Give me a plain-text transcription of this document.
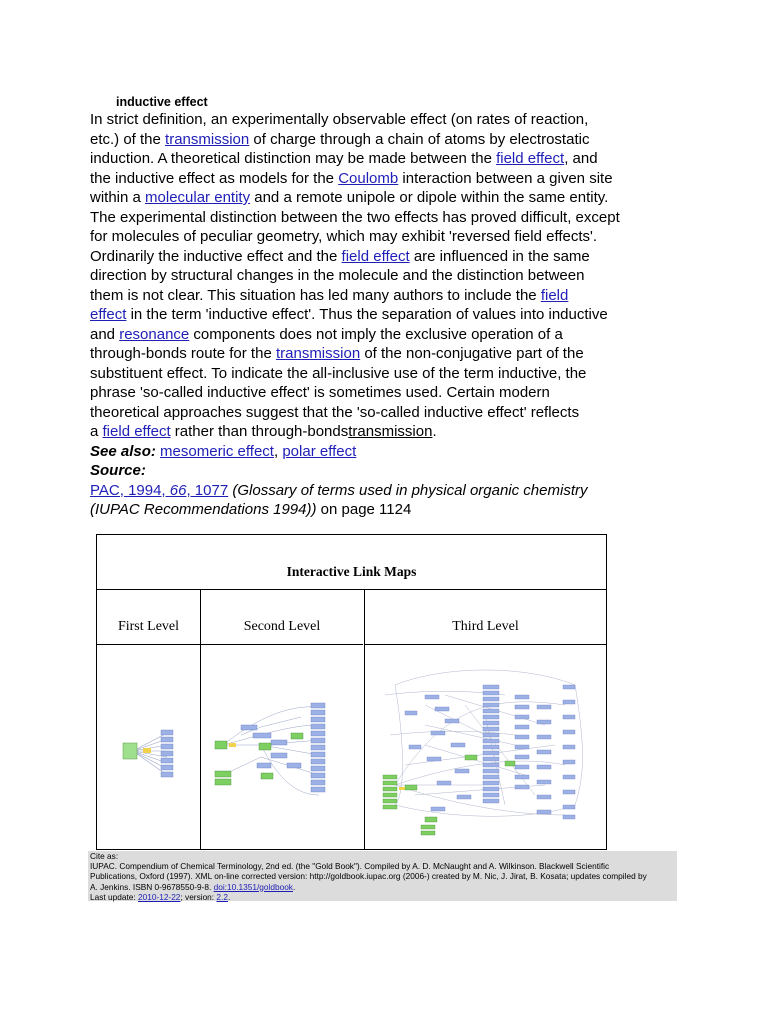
inductive effect
In strict definition, an experimentally observable effect (on rates of reaction,
etc.) of the transmission of charge through a chain of atoms by electrostatic
induction. A theoretical distinction may be made between the field effect, and
the inductive effect as models for the Coulomb interaction between a given site
within a molecular entity and a remote unipole or dipole within the same entity.
The experimental distinction between the two effects has proved difficult, except
for molecules of peculiar geometry, which may exhibit 'reversed field effects'.
Ordinarily the inductive effect and the field effect are influenced in the same
direction by structural changes in the molecule and the distinction between
them is not clear. This situation has led many authors to include the field
effect in the term 'inductive effect'. Thus the separation of values into inductive
and resonance components does not imply the exclusive operation of a
through-bonds route for the transmission of the non-conjugative part of the
substituent effect. To indicate the all-inclusive use of the term inductive, the
phrase 'so-called inductive effect' is sometimes used. Certain modern
theoretical approaches suggest that the 'so-called inductive effect' reflects
a field effect rather than through-bondstransmission.
See also: mesomeric effect, polar effect
Source:
PAC, 1994, 66, 1077 (Glossary of terms used in physical organic chemistry
(IUPAC Recommendations 1994)) on page 1124
Interactive Link Maps
First Level	Second Level	Third Level
Cite as:
IUPAC. Compendium of Chemical Terminology, 2nd ed. (the "Gold Book"). Compiled by A. D. McNaught and A. Wilkinson. Blackwell Scientific
Publications, Oxford (1997). XML on-line corrected version: http://goldbook.iupac.org (2006-) created by M. Nic, J. Jirat, B. Kosata; updates compiled by
A. Jenkins. ISBN 0-9678550-9-8. doi:10.1351/goldbook.
Last update: 2010-12-22; version: 2.2.
